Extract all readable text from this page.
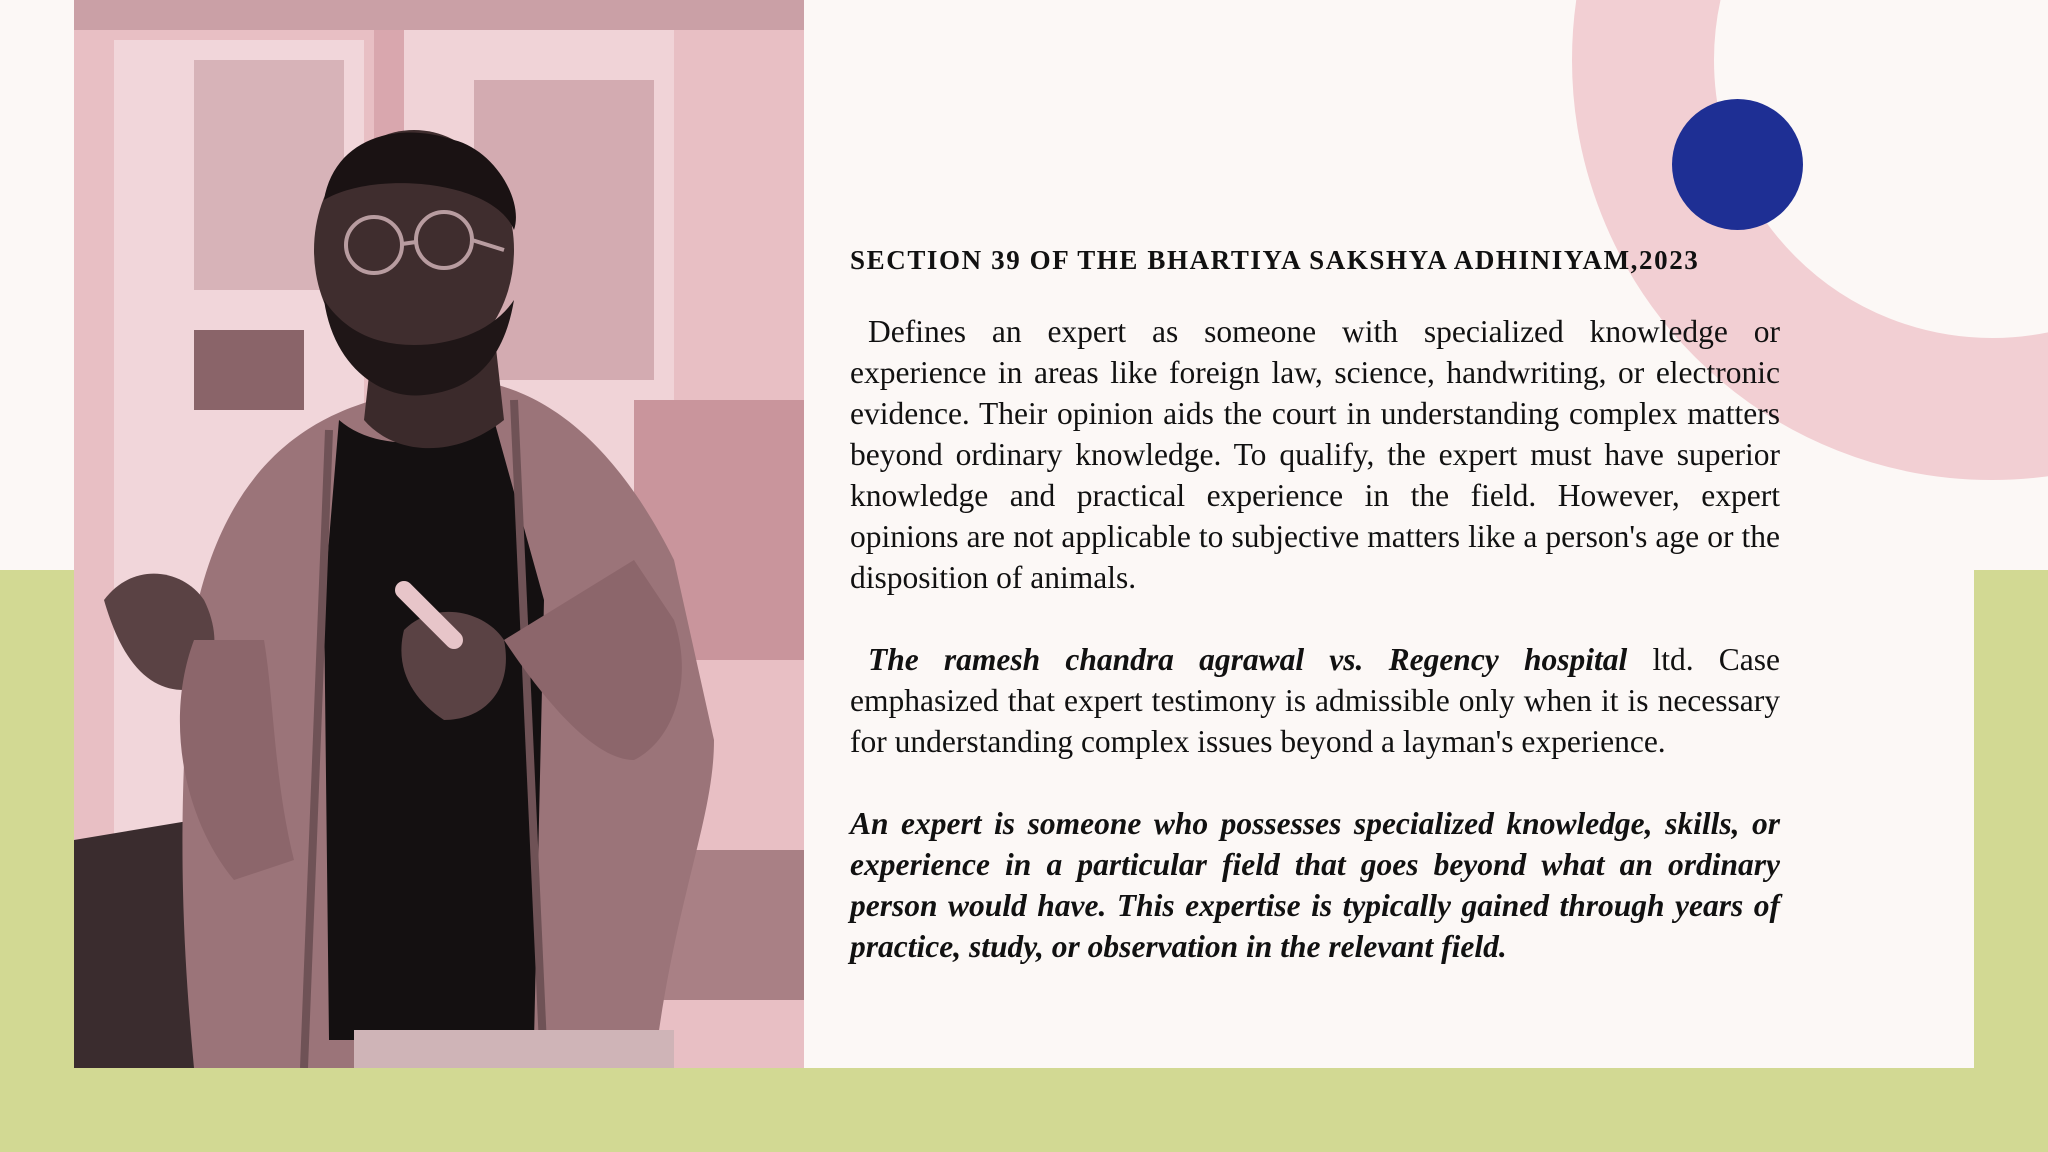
SECTION 39 OF THE BHARTIYA SAKSHYA ADHINIYAM,2023

Defines an expert as someone with specialized knowledge or experience in areas like foreign law, science, handwriting, or electronic evidence. Their opinion aids the court in understanding complex matters beyond ordinary knowledge. To qualify, the expert must have superior knowledge and practical experience in the field. However, expert opinions are not applicable to subjective matters like a person's age or the disposition of animals.

The ramesh chandra agrawal vs. Regency hospital ltd. Case emphasized that expert testimony is admissible only when it is necessary for understanding complex issues beyond a layman's experience.

An expert is someone who possesses specialized knowledge, skills, or experience in a particular field that goes beyond what an ordinary person would have. This expertise is typically gained through years of practice, study, or observation in the relevant field.
